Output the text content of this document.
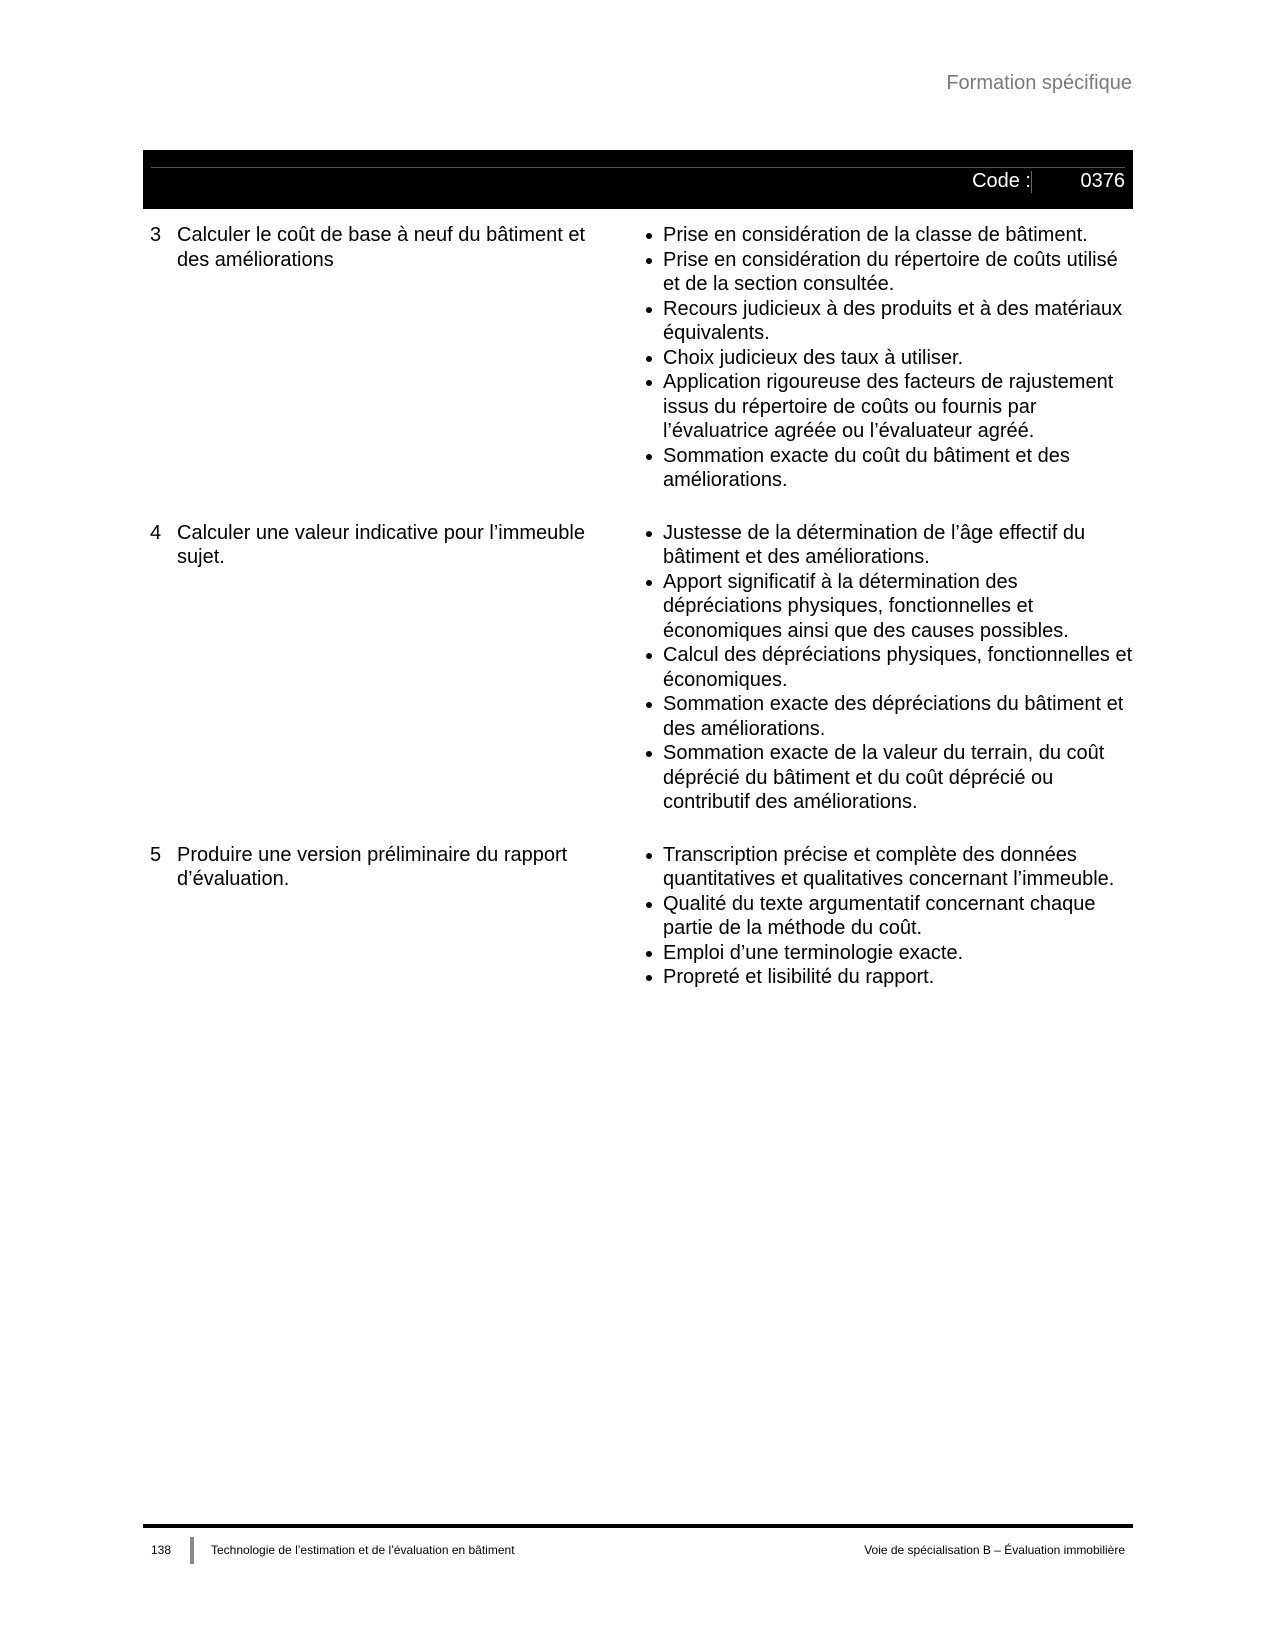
Formation spécifique
Code : 0376
3 Calculer le coût de base à neuf du bâtiment et des améliorations
Prise en considération de la classe de bâtiment.
Prise en considération du répertoire de coûts utilisé et de la section consultée.
Recours judicieux à des produits et à des matériaux équivalents.
Choix judicieux des taux à utiliser.
Application rigoureuse des facteurs de rajustement issus du répertoire de coûts ou fournis par l’évaluatrice agréée ou l’évaluateur agréé.
Sommation exacte du coût du bâtiment et des améliorations.
4 Calculer une valeur indicative pour l’immeuble sujet.
Justesse de la détermination de l’âge effectif du bâtiment et des améliorations.
Apport significatif à la détermination des dépréciations physiques, fonctionnelles et économiques ainsi que des causes possibles.
Calcul des dépréciations physiques, fonctionnelles et économiques.
Sommation exacte des dépréciations du bâtiment et des améliorations.
Sommation exacte de la valeur du terrain, du coût déprécié du bâtiment et du coût déprécié ou contributif des améliorations.
5 Produire une version préliminaire du rapport d’évaluation.
Transcription précise et complète des données quantitatives et qualitatives concernant l’immeuble.
Qualité du texte argumentatif concernant chaque partie de la méthode du coût.
Emploi d’une terminologie exacte.
Propreté et lisibilité du rapport.
138	Technologie de l’estimation et de l’évaluation en bâtiment	Voie de spécialisation B – Évaluation immobilière
